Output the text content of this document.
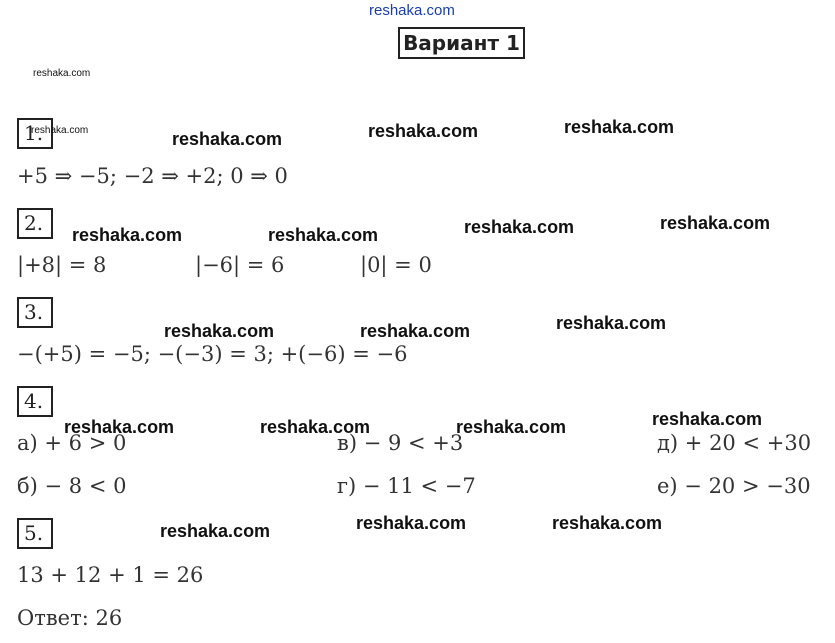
reshaka.com
Вариант 1
reshaka.com
1.
reshaka.com	reshaka.com	reshaka.com	reshaka.com
+5 ⇒ −5; −2 ⇒ +2; 0 ⇒ 0
2.	reshaka.com	reshaka.com	reshaka.com	reshaka.com
|+8| = 8	|−6| = 6	|0| = 0
3.
reshaka.com	reshaka.com	reshaka.com
−(+5) = −5; −(−3) = 3; +(−6) = −6
4.
reshaka.com	reshaka.com	reshaka.com	reshaka.com
а) + 6 > 0	в) − 9 < +3	д) + 20 < +30
б) − 8 < 0	г) − 11 < −7	е) − 20 > −30
5.	reshaka.com	reshaka.com	reshaka.com
13 + 12 + 1 = 26
Ответ: 26
